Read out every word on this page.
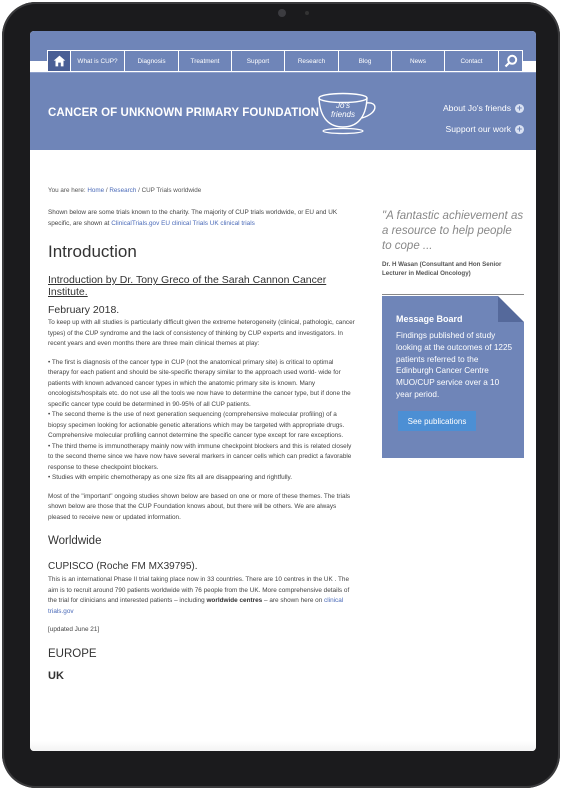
What is CUP?	Diagnosis	Treatment	Support	Research	Blog	News	Contact
CANCER OF UNKNOWN PRIMARY FOUNDATION
Jo's
friends
About Jo's friends +
Support our work +
You are here: Home / Research / CUP Trials worldwide

Shown below are some trials known to the charity. The majority of CUP trials worldwide, or EU and UK specific, are shown at ClinicalTrials.gov EU clinical Trials UK clinical trials

Introduction
Introduction by Dr. Tony Greco of the Sarah Cannon Cancer Institute.
February 2018.

To keep up with all studies is particularly difficult given the extreme heterogeneity (clinical, pathologic, cancer types) of the CUP syndrome and the lack of consistency of thinking by CUP experts and investigators. In recent years and even months there are three main clinical themes at play:

• The first is diagnosis of the cancer type in CUP (not the anatomical primary site) is critical to optimal therapy for each patient and should be site-specific therapy similar to the approach used world- wide for patients with known advanced cancer types in which the anatomic primary site is known. Many oncologists/hospitals etc. do not use all the tools we now have to determine the cancer type, but if done the specific cancer type could be determined in 90-95% of all CUP patients.

• The second theme is the use of next generation sequencing (comprehensive molecular profiling) of a biopsy specimen looking for actionable genetic alterations which may be targeted with appropriate drugs. Comprehensive molecular profiling cannot determine the specific cancer type except for rare exceptions.

• The third theme is immunotherapy mainly now with immune checkpoint blockers and this is related closely to the second theme since we have now have several markers in cancer cells which can predict a favorable response to these checkpoint blockers.

• Studies with empiric chemotherapy as one size fits all are disappearing and rightfully.

Most of the "important" ongoing studies shown below are based on one or more of these themes. The trials shown below are those that the CUP Foundation knows about, but there will be others. We are always pleased to receive new or updated information.

Worldwide
CUPISCO (Roche FM MX39795).

This is an international Phase II trial taking place now in 33 countries. There are 10 centres in the UK . The aim is to recruit around 790 patients worldwide with 76 people from the UK. More comprehensive details of the trial for clinicians and interested patients – including worldwide centres – are shown here on clinical trials.gov

[updated June 21]

EUROPE
UK
"A fantastic achievement as a resource to help people to cope ...
Dr. H Wasan (Consultant and Hon Senior
Lecturer in Medical Oncology)
Message Board
Findings published of study looking at the outcomes of 1225 patients referred to the Edinburgh Cancer Centre MUO/CUP service over a 10 year period.
See publications
